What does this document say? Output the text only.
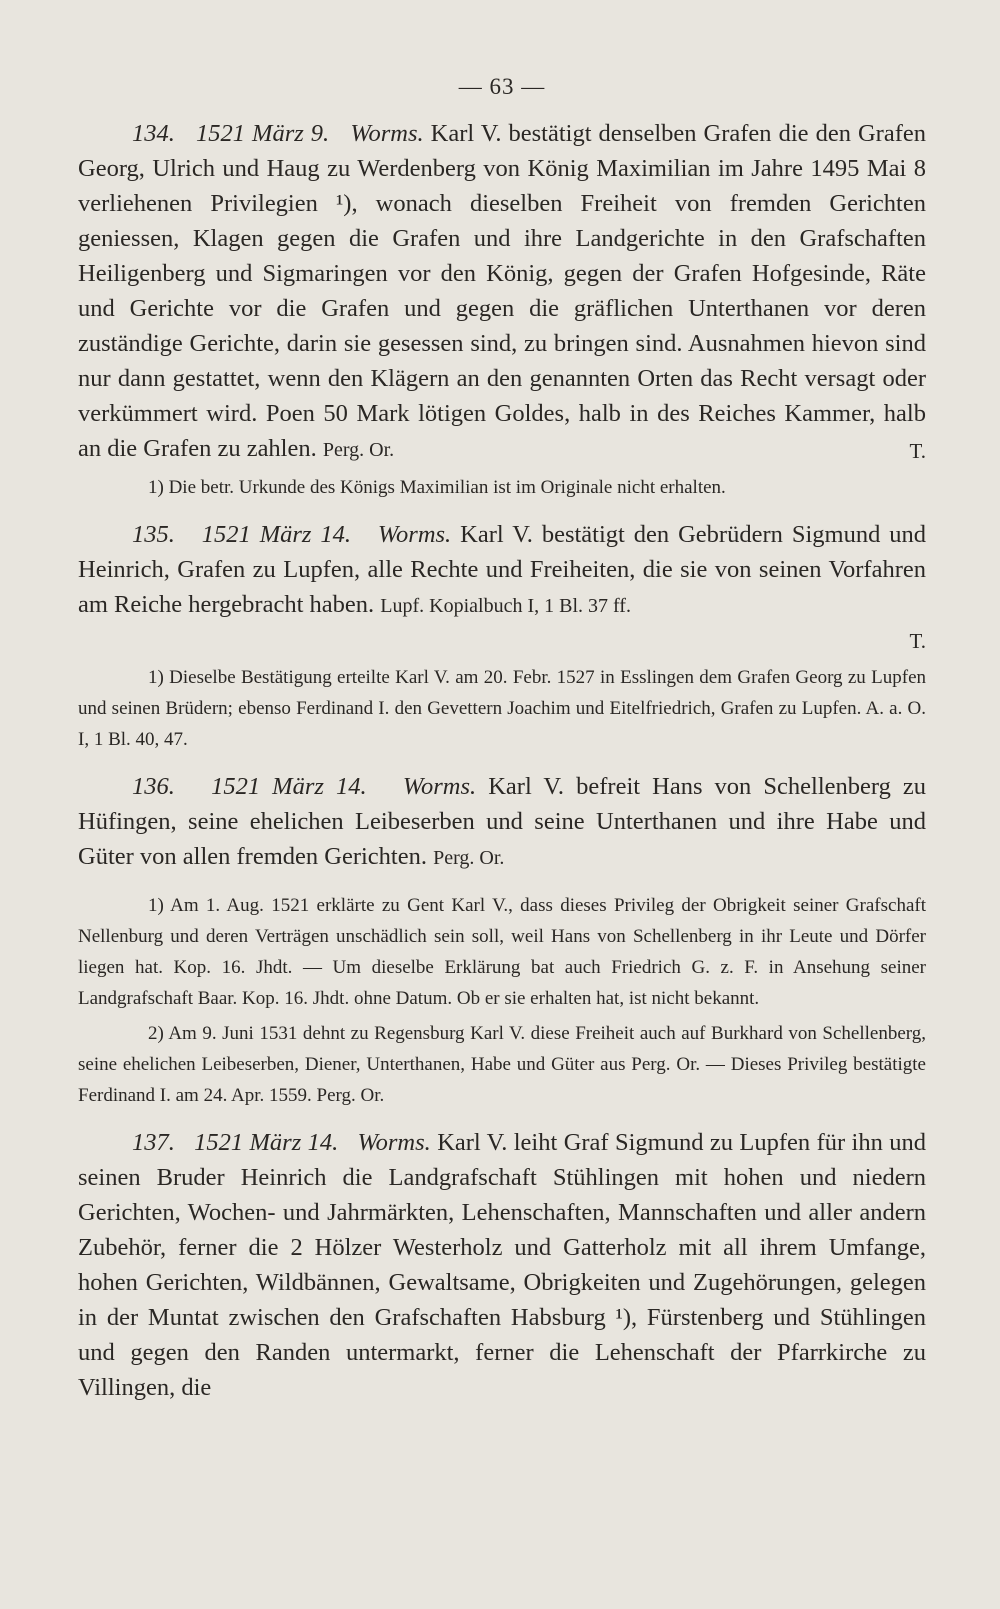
— 63 —

134. 1521 März 9. Worms. Karl V. bestätigt denselben Grafen die den Grafen Georg, Ulrich und Haug zu Werdenberg von König Maximilian im Jahre 1495 Mai 8 verliehenen Privilegien ¹), wonach dieselben Freiheit von fremden Gerichten geniessen, Klagen gegen die Grafen und ihre Landgerichte in den Grafschaften Heiligenberg und Sigmaringen vor den König, gegen der Grafen Hofgesinde, Räte und Gerichte vor die Grafen und gegen die gräflichen Unterthanen vor deren zuständige Gerichte, darin sie gesessen sind, zu bringen sind. Ausnahmen hievon sind nur dann gestattet, wenn den Klägern an den genannten Orten das Recht versagt oder verkümmert wird. Poen 50 Mark lötigen Goldes, halb in des Reiches Kammer, halb an die Grafen zu zahlen. Perg. Or.	T.

1) Die betr. Urkunde des Königs Maximilian ist im Originale nicht erhalten.

135. 1521 März 14. Worms. Karl V. bestätigt den Gebrüdern Sigmund und Heinrich, Grafen zu Lupfen, alle Rechte und Freiheiten, die sie von seinen Vorfahren am Reiche hergebracht haben. Lupf. Kopialbuch I, 1 Bl. 37 ff.

T.

1) Dieselbe Bestätigung erteilte Karl V. am 20. Febr. 1527 in Esslingen dem Grafen Georg zu Lupfen und seinen Brüdern; ebenso Ferdinand I. den Gevettern Joachim und Eitelfriedrich, Grafen zu Lupfen. A. a. O. I, 1 Bl. 40, 47.

136. 1521 März 14. Worms. Karl V. befreit Hans von Schellenberg zu Hüfingen, seine ehelichen Leibeserben und seine Unterthanen und ihre Habe und Güter von allen fremden Gerichten. Perg. Or.

1) Am 1. Aug. 1521 erklärte zu Gent Karl V., dass dieses Privileg der Obrigkeit seiner Grafschaft Nellenburg und deren Verträgen unschädlich sein soll, weil Hans von Schellenberg in ihr Leute und Dörfer liegen hat. Kop. 16. Jhdt. — Um dieselbe Erklärung bat auch Friedrich G. z. F. in Ansehung seiner Landgrafschaft Baar. Kop. 16. Jhdt. ohne Datum. Ob er sie erhalten hat, ist nicht bekannt.

2) Am 9. Juni 1531 dehnt zu Regensburg Karl V. diese Freiheit auch auf Burkhard von Schellenberg, seine ehelichen Leibeserben, Diener, Unterthanen, Habe und Güter aus Perg. Or. — Dieses Privileg bestätigte Ferdinand I. am 24. Apr. 1559. Perg. Or.

137. 1521 März 14. Worms. Karl V. leiht Graf Sigmund zu Lupfen für ihn und seinen Bruder Heinrich die Landgrafschaft Stühlingen mit hohen und niedern Gerichten, Wochen- und Jahrmärkten, Lehenschaften, Mannschaften und aller andern Zubehör, ferner die 2 Hölzer Westerholz und Gatterholz mit all ihrem Umfange, hohen Gerichten, Wildbännen, Gewaltsame, Obrigkeiten und Zugehörungen, gelegen in der Muntat zwischen den Grafschaften Habsburg ¹), Fürstenberg und Stühlingen und gegen den Randen untermarkt, ferner die Lehenschaft der Pfarrkirche zu Villingen, die
